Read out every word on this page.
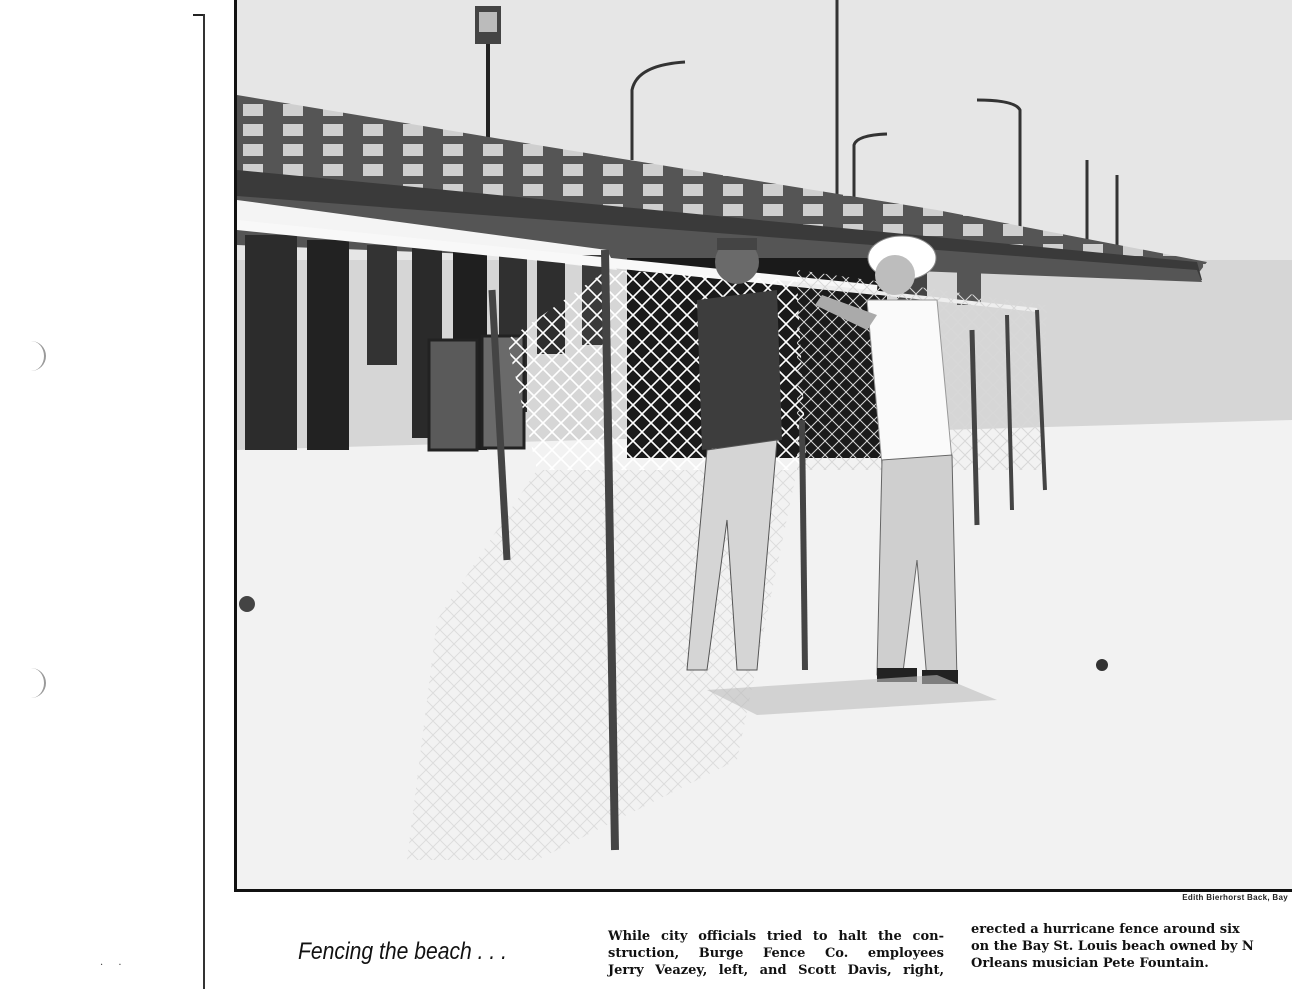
· ·
Edith Bierhorst Back, Bay
Fencing the beach . . .
While city officials tried to halt the con-
struction, Burge Fence Co. employees
Jerry Veazey, left, and Scott Davis, right,
erected a hurricane fence around six
on the Bay St. Louis beach owned by N
Orleans musician Pete Fountain.
